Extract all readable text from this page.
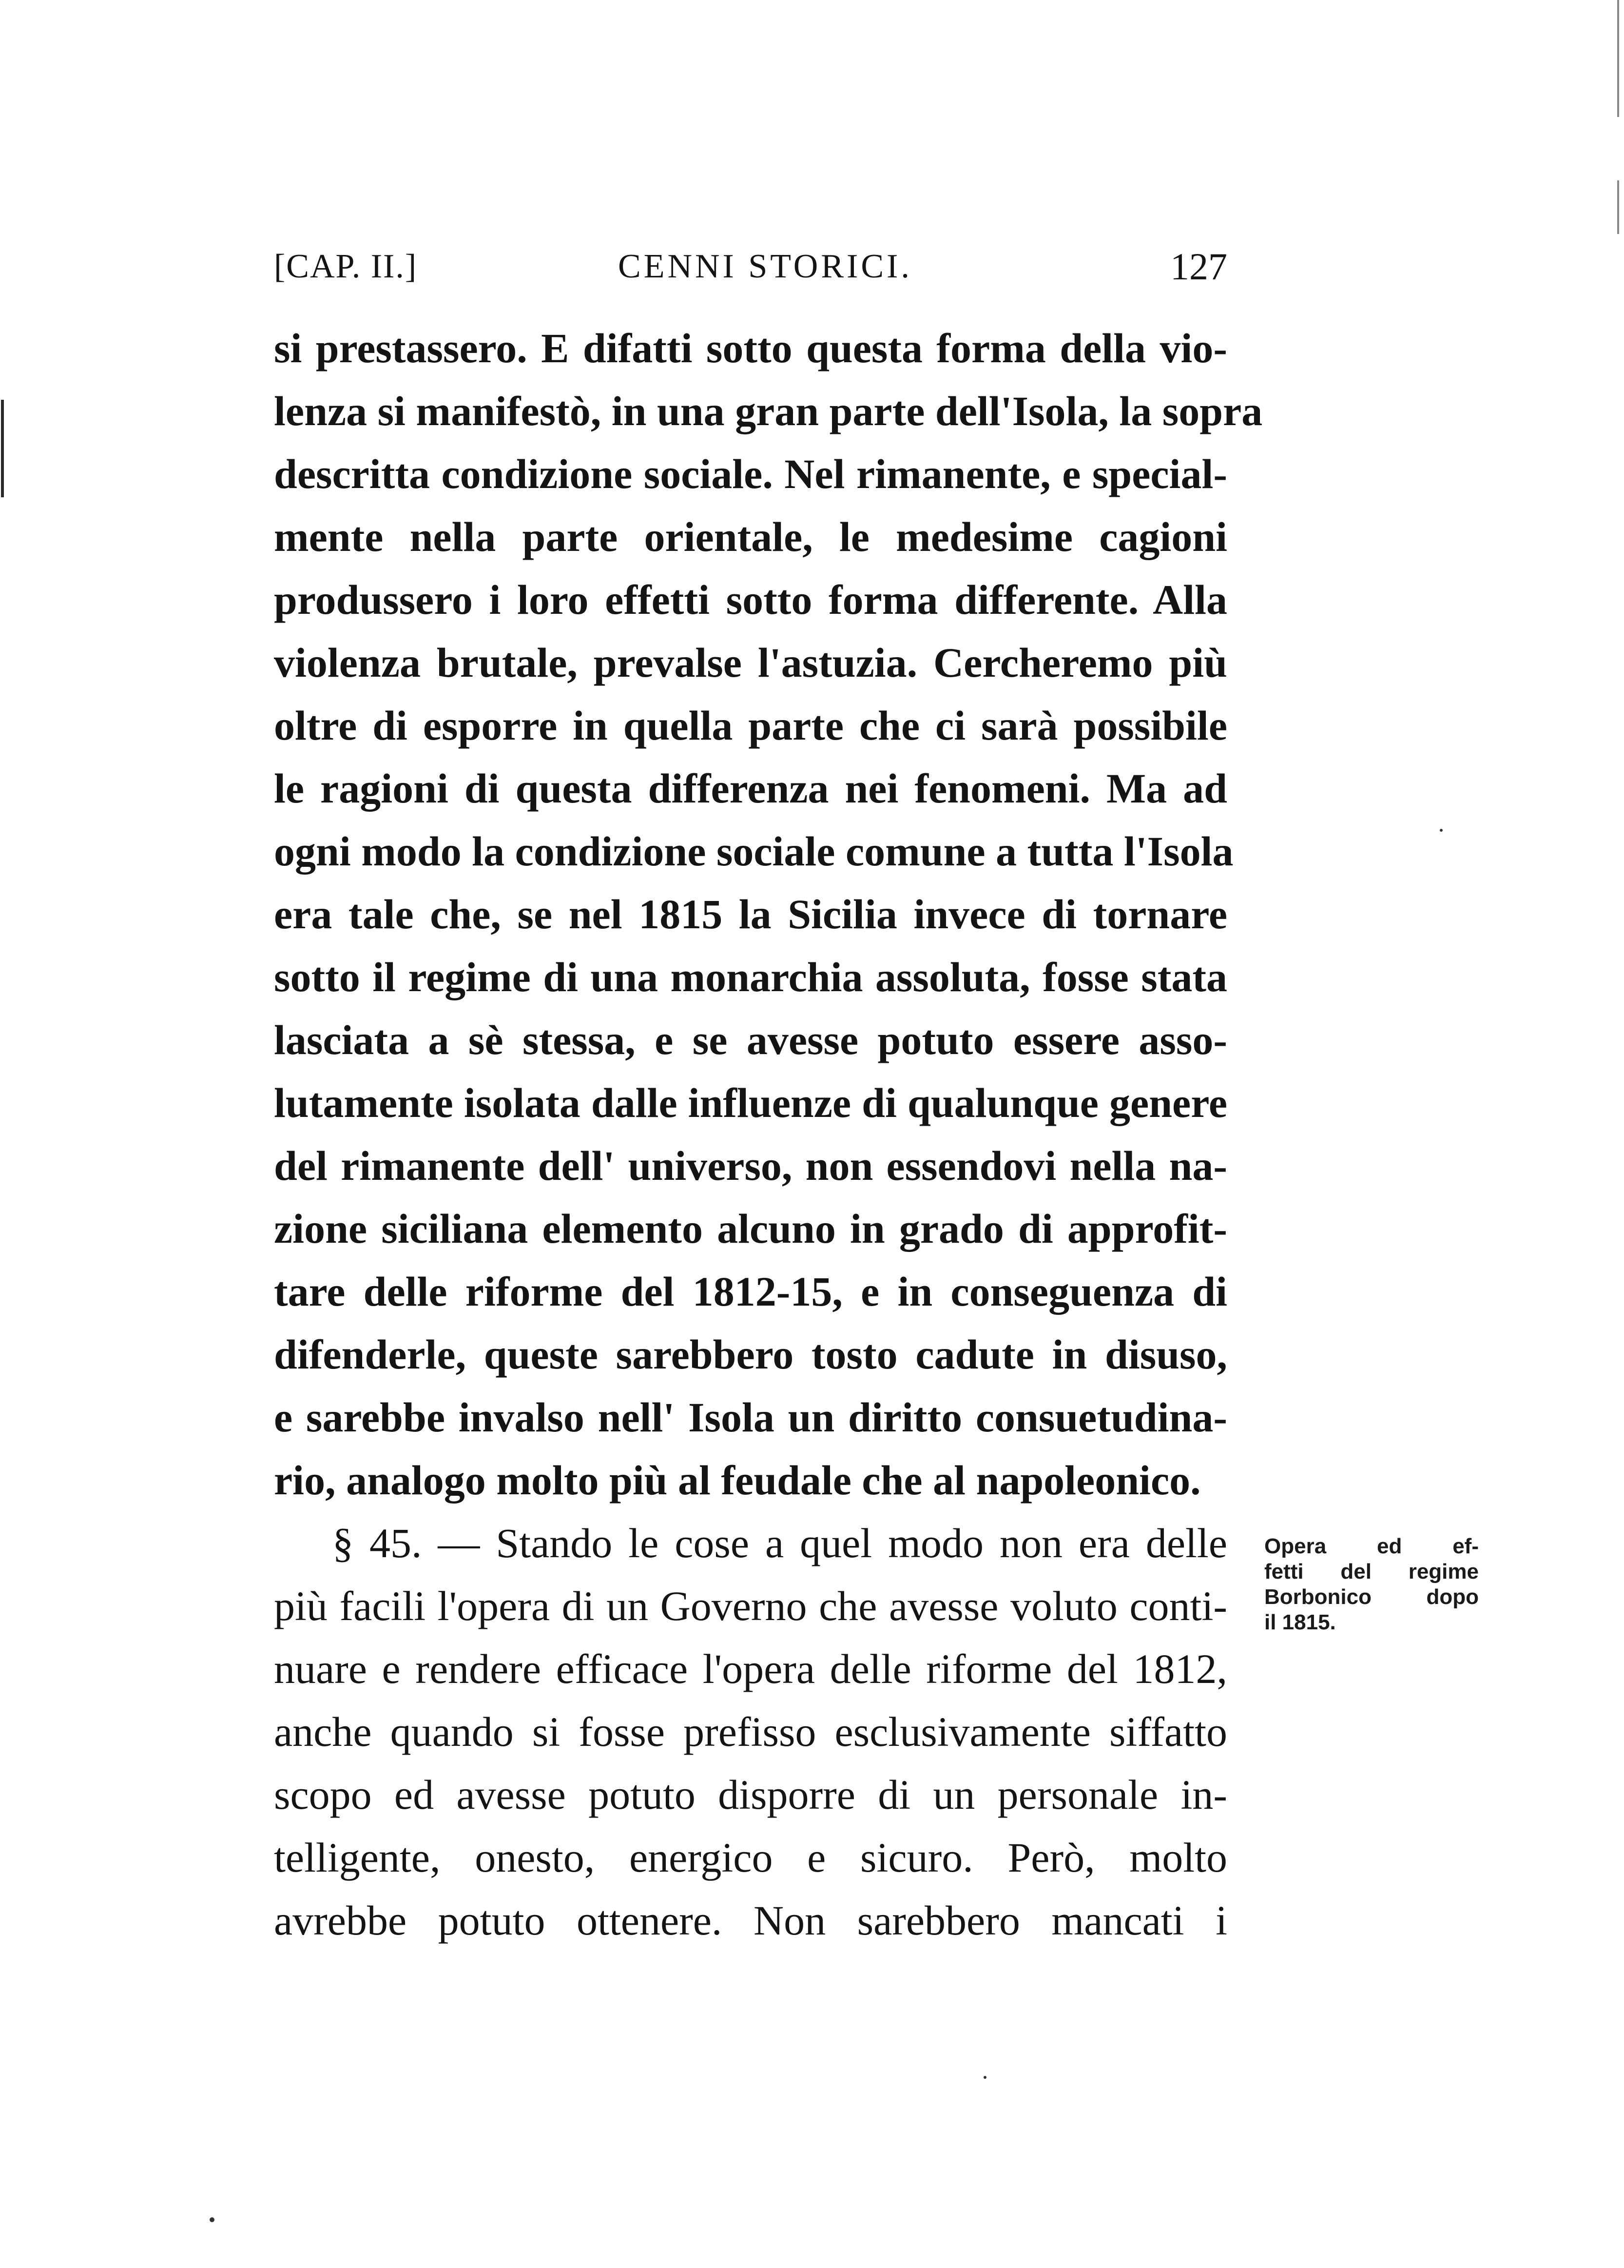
[CAP. II.]	CENNI STORICI.	127
si prestassero. E difatti sotto questa forma della vio-
lenza si manifestò, in una gran parte dell'Isola, la sopra
descritta condizione sociale. Nel rimanente, e special-
mente nella parte orientale, le medesime cagioni
produssero i loro effetti sotto forma differente. Alla
violenza brutale, prevalse l'astuzia. Cercheremo più
oltre di esporre in quella parte che ci sarà possibile
le ragioni di questa differenza nei fenomeni. Ma ad
ogni modo la condizione sociale comune a tutta l'Isola
era tale che, se nel 1815 la Sicilia invece di tornare
sotto il regime di una monarchia assoluta, fosse stata
lasciata a sè stessa, e se avesse potuto essere asso-
lutamente isolata dalle influenze di qualunque genere
del rimanente dell' universo, non essendovi nella na-
zione siciliana elemento alcuno in grado di approfit-
tare delle riforme del 1812-15, e in conseguenza di
difenderle, queste sarebbero tosto cadute in disuso,
e sarebbe invalso nell' Isola un diritto consuetudina-
rio, analogo molto più al feudale che al napoleonico.
§ 45. — Stando le cose a quel modo non era delle
più facili l'opera di un Governo che avesse voluto conti-
nuare e rendere efficace l'opera delle riforme del 1812,
anche quando si fosse prefisso esclusivamente siffatto
scopo ed avesse potuto disporre di un personale in-
telligente, onesto, energico e sicuro. Però, molto
avrebbe potuto ottenere. Non sarebbero mancati i
Opera ed ef-
fetti del regime
Borbonico dopo
il 1815.
